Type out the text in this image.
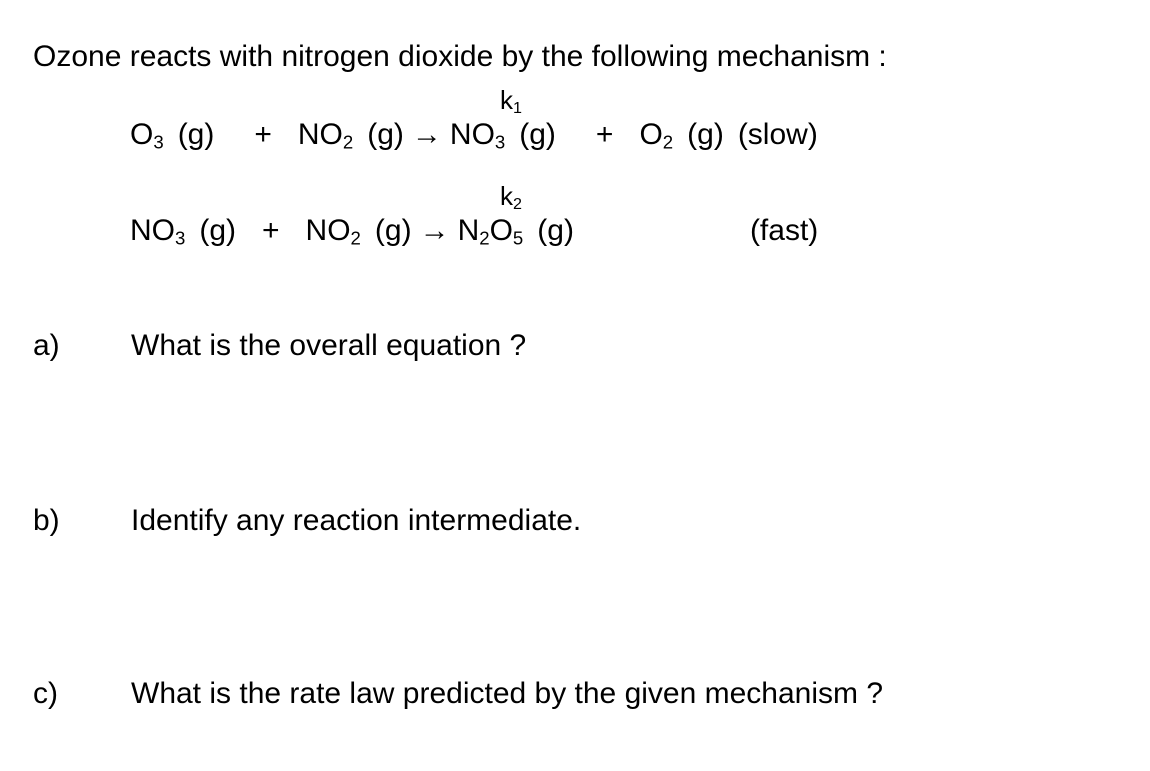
Ozone reacts with nitrogen dioxide by the following mechanism :
$k_1$
$O_3$ $(g) + NO_2$ $(g) \to NO_3$ $(g) + O_2$ (g) (slow)
$k_2$
$NO_3$ $(g) + NO_2$ $(g) \to N_2O_5$ (g)	(fast)
a) What is the overall equation ?
b) Identify any reaction intermediate.
c) What is the rate law predicted by the given mechanism ?
